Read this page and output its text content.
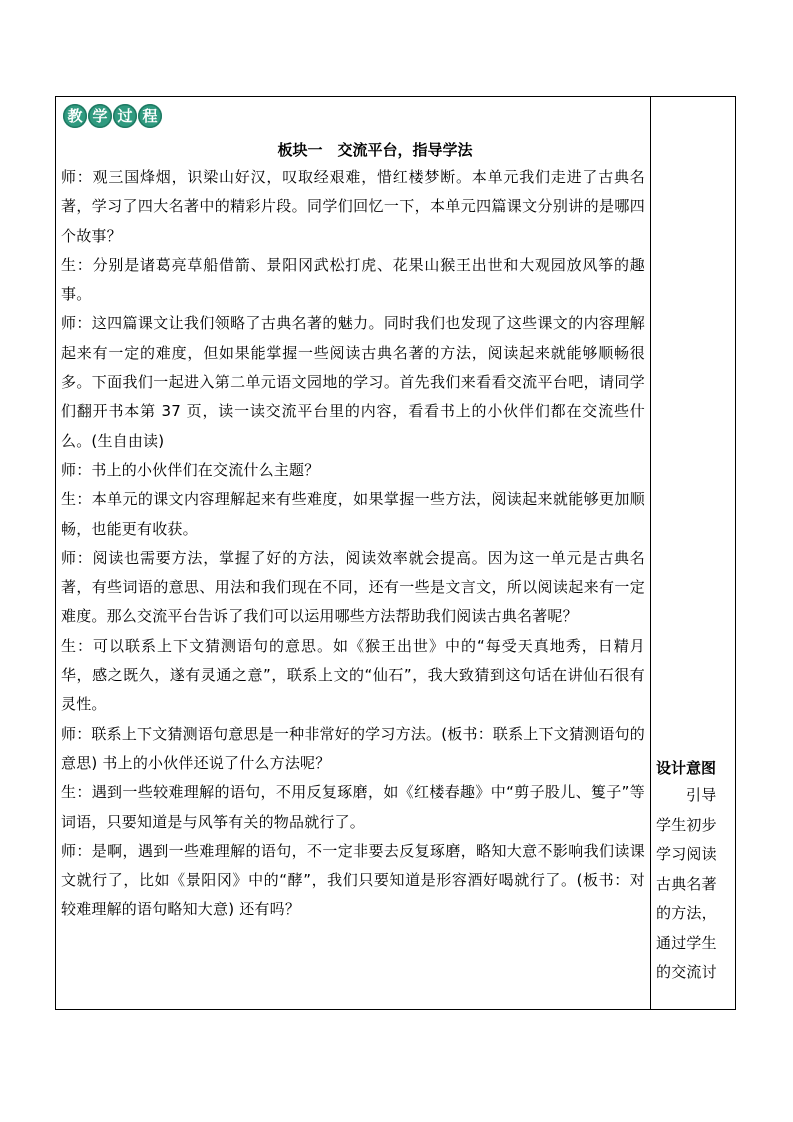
教 学 过 程
板块一　交流平台，指导学法

师：观三国烽烟，识梁山好汉，叹取经艰难，惜红楼梦断。本单元我们走进了古典名著，学习了四大名著中的精彩片段。同学们回忆一下，本单元四篇课文分别讲的是哪四个故事？

生：分别是诸葛亮草船借箭、景阳冈武松打虎、花果山猴王出世和大观园放风筝的趣事。

师：这四篇课文让我们领略了古典名著的魅力。同时我们也发现了这些课文的内容理解起来有一定的难度，但如果能掌握一些阅读古典名著的方法，阅读起来就能够顺畅很多。下面我们一起进入第二单元语文园地的学习。首先我们来看看交流平台吧，请同学们翻开书本第 37 页，读一读交流平台里的内容，看看书上的小伙伴们都在交流些什么。(生自由读)

师：书上的小伙伴们在交流什么主题？

生：本单元的课文内容理解起来有些难度，如果掌握一些方法，阅读起来就能够更加顺畅，也能更有收获。

师：阅读也需要方法，掌握了好的方法，阅读效率就会提高。因为这一单元是古典名著，有些词语的意思、用法和我们现在不同，还有一些是文言文，所以阅读起来有一定难度。那么交流平台告诉了我们可以运用哪些方法帮助我们阅读古典名著呢？

生：可以联系上下文猜测语句的意思。如《猴王出世》中的“每受天真地秀，日精月华，感之既久，遂有灵通之意”，联系上文的“仙石”，我大致猜到这句话在讲仙石很有灵性。

师：联系上下文猜测语句意思是一种非常好的学习方法。(板书：联系上下文猜测语句的意思) 书上的小伙伴还说了什么方法呢？

生：遇到一些较难理解的语句，不用反复琢磨，如《红楼春趣》中“剪子股儿、篗子”等词语，只要知道是与风筝有关的物品就行了。

师：是啊，遇到一些难理解的语句，不一定非要去反复琢磨，略知大意不影响我们读课文就行了，比如《景阳冈》中的“酵”，我们只要知道是形容酒好喝就行了。(板书：对较难理解的语句略知大意) 还有吗？

设计意图

引导学生初步学习阅读古典名著的方法，通过学生的交流讨
